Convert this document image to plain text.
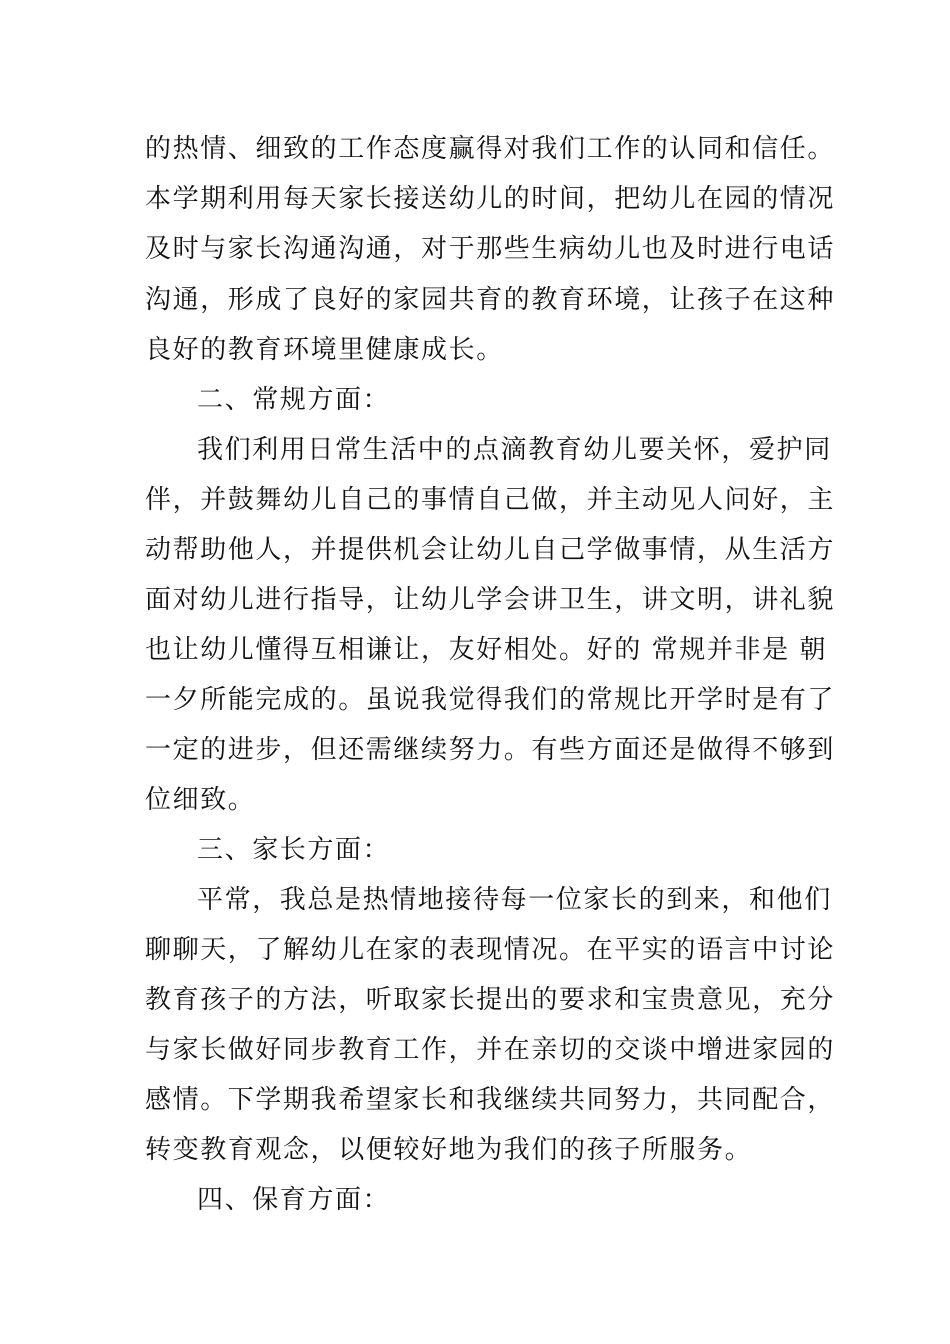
的热情、细致的工作态度赢得对我们工作的认同和信任。
本学期利用每天家长接送幼儿的时间，把幼儿在园的情况
及时与家长沟通沟通，对于那些生病幼儿也及时进行电话
沟通，形成了良好的家园共育的教育环境，让孩子在这种
良好的教育环境里健康成长。
二、常规方面：
我们利用日常生活中的点滴教育幼儿要关怀，爱护同
伴，并鼓舞幼儿自己的事情自己做，并主动见人问好，主
动帮助他人，并提供机会让幼儿自己学做事情，从生活方
面对幼儿进行指导，让幼儿学会讲卫生，讲文明，讲礼貌
也让幼儿懂得互相谦让，友好相处。好的 常规并非是 朝
一夕所能完成的。虽说我觉得我们的常规比开学时是有了
一定的进步，但还需继续努力。有些方面还是做得不够到
位细致。
三、家长方面：
平常，我总是热情地接待每一位家长的到来，和他们
聊聊天，了解幼儿在家的表现情况。在平实的语言中讨论
教育孩子的方法，听取家长提出的要求和宝贵意见，充分
与家长做好同步教育工作，并在亲切的交谈中增进家园的
感情。下学期我希望家长和我继续共同努力，共同配合，
转变教育观念，以便较好地为我们的孩子所服务。
四、保育方面：
